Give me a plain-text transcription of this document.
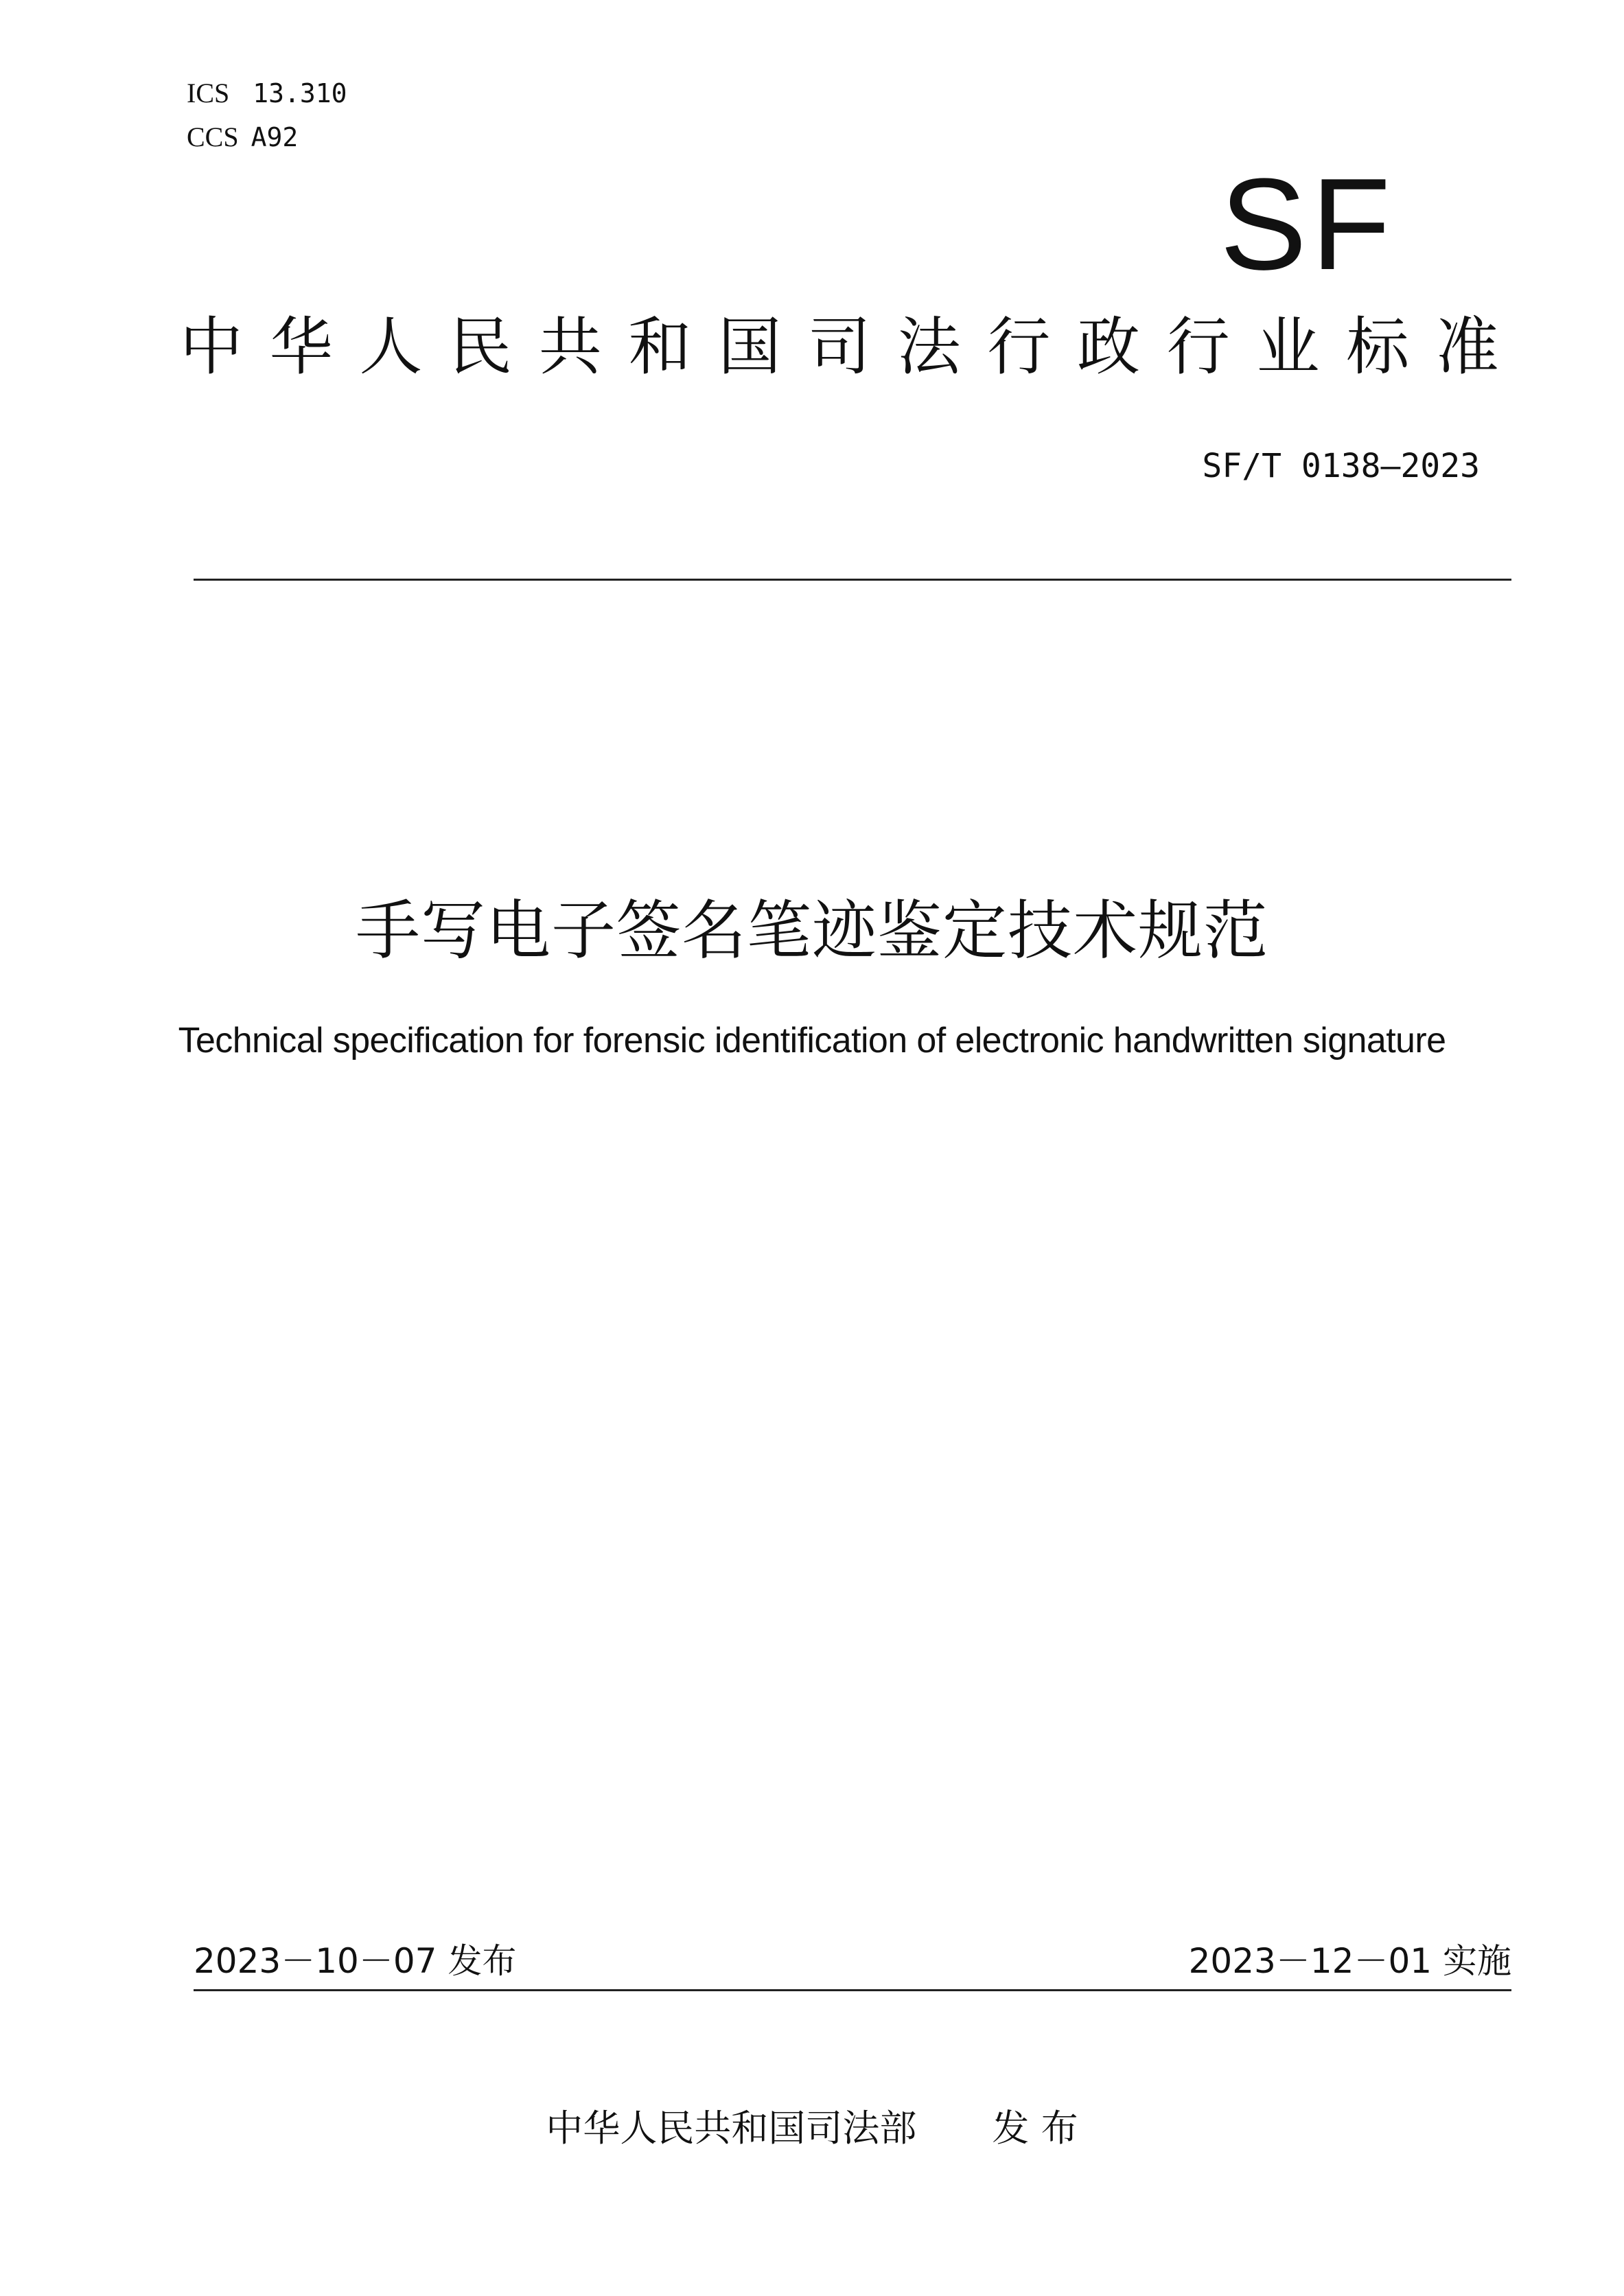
ICS 13.310
CCS A92
SF
中 华 人 民 共 和 国 司 法 行 政 行 业 标 准
SF/T 0138—2023
手写电子签名笔迹鉴定技术规范
Technical specification for forensic identification of electronic handwritten signature
2023－10－07 发布	2023－12－01 实施
中华人民共和国司法部 发 布
